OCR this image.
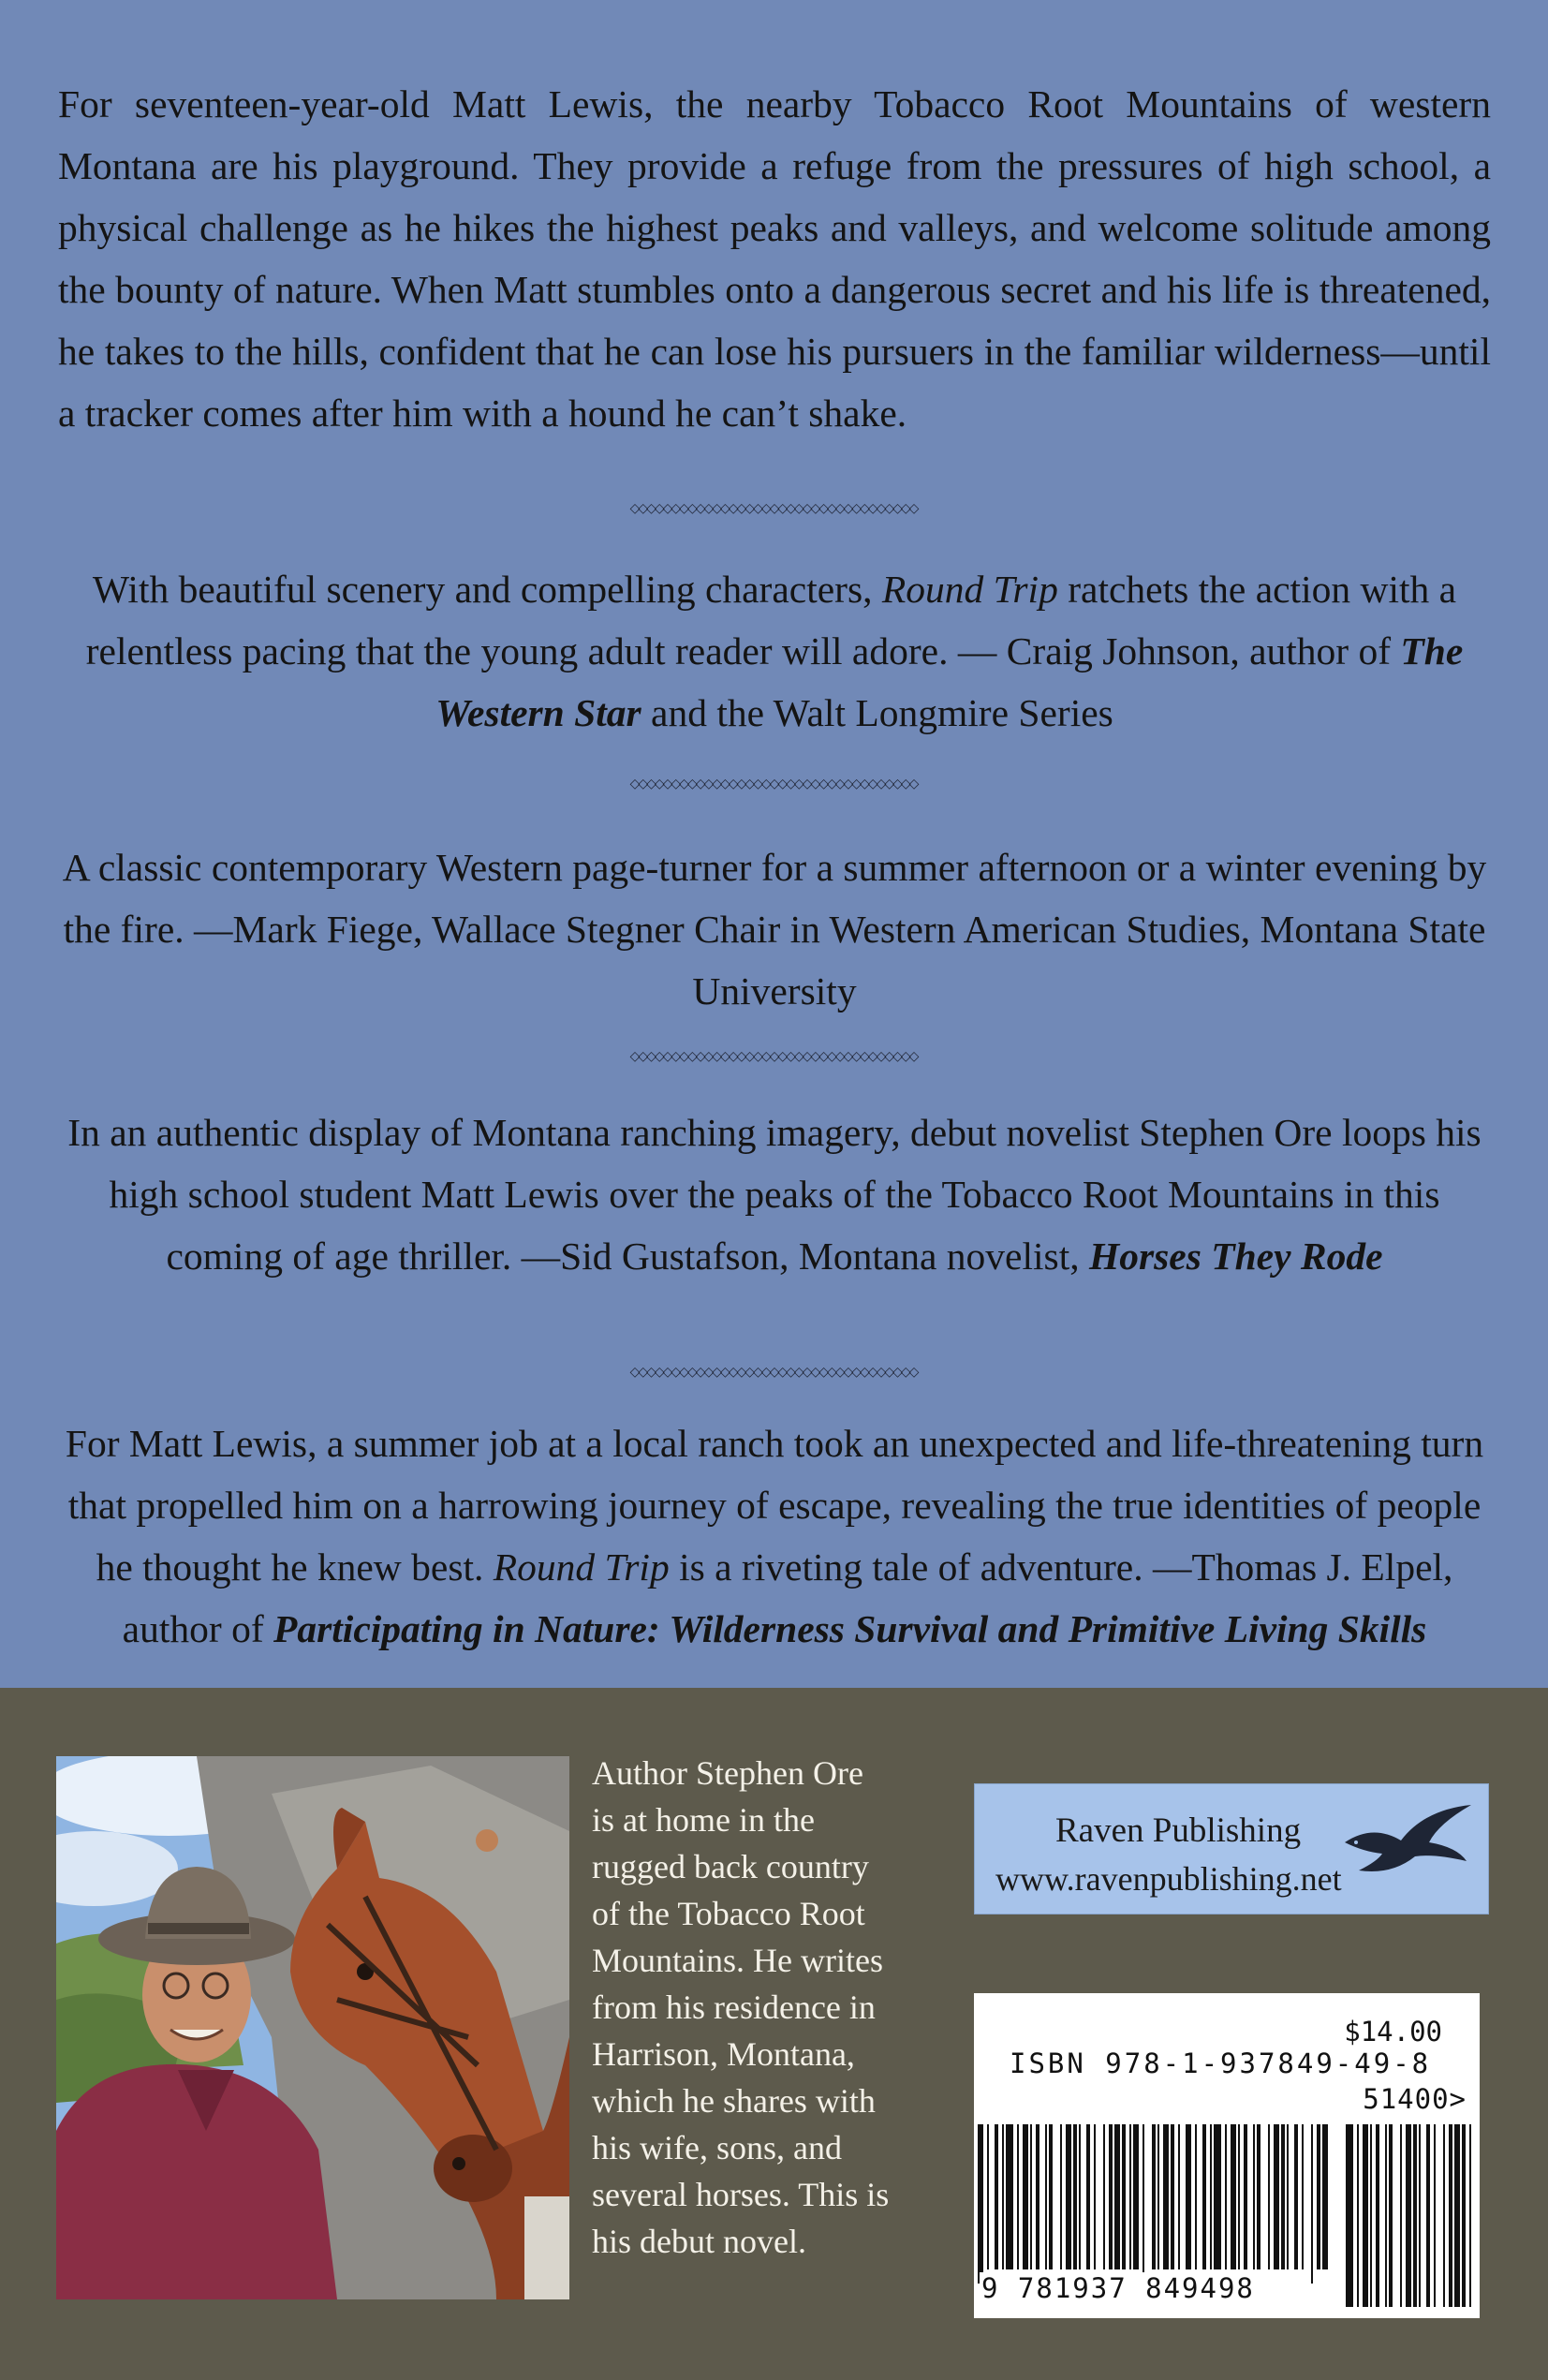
For seventeen-year-old Matt Lewis, the nearby Tobacco Root Mountains of western Montana are his playground. They provide a refuge from the pressures of high school, a physical challenge as he hikes the highest peaks and valleys, and welcome solitude among the bounty of nature. When Matt stumbles onto a dangerous secret and his life is threatened, he takes to the hills, confident that he can lose his pursuers in the familiar wilderness—until a tracker comes after him with a hound he can’t shake.
◇◇◇◇◇◇◇◇◇◇◇◇◇◇◇◇◇◇◇◇◇◇◇◇◇◇◇◇◇◇◇◇◇◇◇
With beautiful scenery and compelling characters, Round Trip ratchets the action with a relentless pacing that the young adult reader will adore. — Craig Johnson, author of The Western Star and the Walt Longmire Series
◇◇◇◇◇◇◇◇◇◇◇◇◇◇◇◇◇◇◇◇◇◇◇◇◇◇◇◇◇◇◇◇◇◇◇
A classic contemporary Western page-turner for a summer afternoon or a winter evening by the fire. —Mark Fiege, Wallace Stegner Chair in Western American Studies, Montana State University
◇◇◇◇◇◇◇◇◇◇◇◇◇◇◇◇◇◇◇◇◇◇◇◇◇◇◇◇◇◇◇◇◇◇◇
In an authentic display of Montana ranching imagery, debut novelist Stephen Ore loops his high school student Matt Lewis over the peaks of the Tobacco Root Mountains in this coming of age thriller. —Sid Gustafson, Montana novelist, Horses They Rode
◇◇◇◇◇◇◇◇◇◇◇◇◇◇◇◇◇◇◇◇◇◇◇◇◇◇◇◇◇◇◇◇◇◇◇
For Matt Lewis, a summer job at a local ranch took an unexpected and life-threatening turn that propelled him on a harrowing journey of escape, revealing the true identities of people he thought he knew best. Round Trip is a riveting tale of adventure. —Thomas J. Elpel, author of Participating in Nature: Wilderness Survival and Primitive Living Skills

Author Stephen Ore
is at home in the
rugged back country
of the Tobacco Root
Mountains. He writes
from his residence in
Harrison, Montana,
which he shares with
his wife, sons, and
several horses. This is
his debut novel.

Raven Publishing
www.ravenpublishing.net
$14.00
ISBN 978-1-937849-49-8
51400>
9 781937 849498
